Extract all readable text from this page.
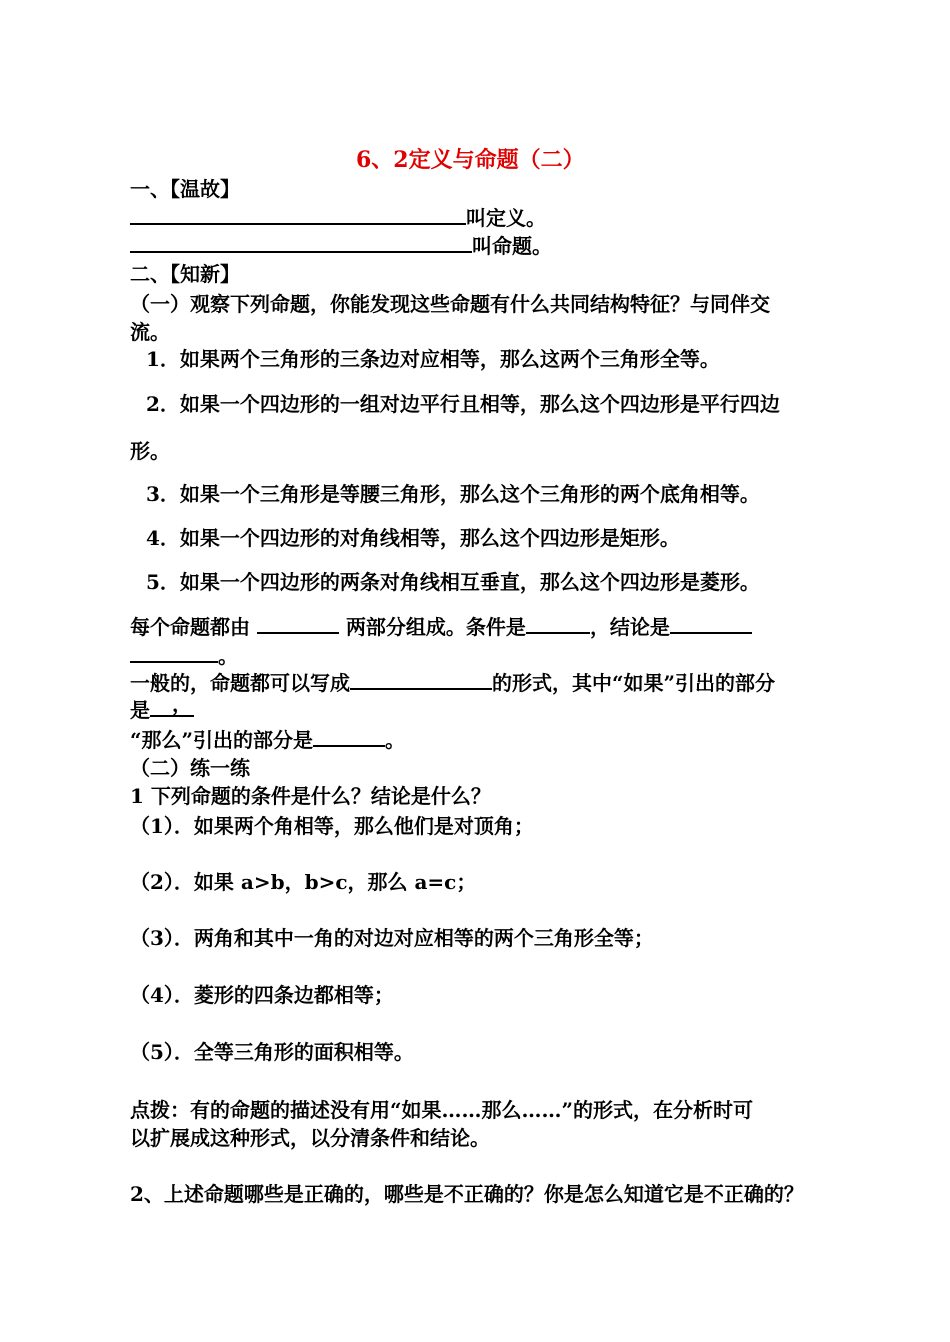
6、2定义与命题（二）
一、【温故】
叫定义。
叫命题。
二、【知新】
（一）观察下列命题，你能发现这些命题有什么共同结构特征？与同伴交
流。
1．如果两个三角形的三条边对应相等，那么这两个三角形全等。
2．如果一个四边形的一组对边平行且相等，那么这个四边形是平行四边
形。
3．如果一个三角形是等腰三角形，那么这个三角形的两个底角相等。
4．如果一个四边形的对角线相等，那么这个四边形是矩形。
5．如果一个四边形的两条对角线相互垂直，那么这个四边形是菱形。
每个命题都由	两部分组成。条件是	，结论是
。
一般的，命题都可以写成	的形式，其中“如果”引出的部分
是 ，
“那么”引出的部分是	。
（二）练一练
1 下列命题的条件是什么？结论是什么？
（1）．如果两个角相等，那么他们是对顶角；
（2）．如果 a>b，b>c，那么 a=c；
（3）．两角和其中一角的对边对应相等的两个三角形全等；
（4）．菱形的四条边都相等；
（5）．全等三角形的面积相等。
点拨：有的命题的描述没有用“如果……那么……”的形式，在分析时可
以扩展成这种形式，以分清条件和结论。
2、上述命题哪些是正确的，哪些是不正确的？你是怎么知道它是不正确的？
